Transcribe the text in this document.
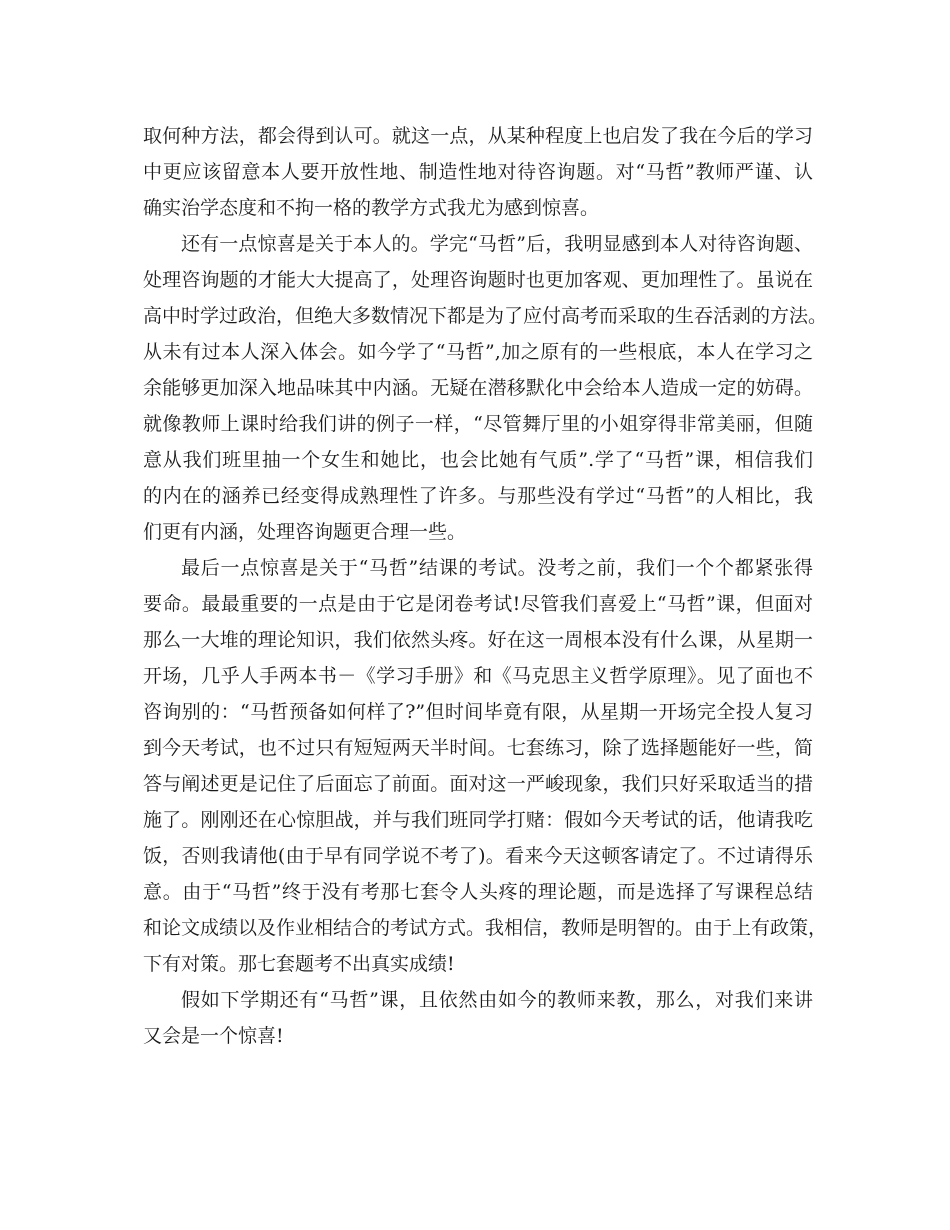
取何种方法，都会得到认可。就这一点，从某种程度上也启发了我在今后的学习
中更应该留意本人要开放性地、制造性地对待咨询题。对“马哲”教师严谨、认
确实治学态度和不拘一格的教学方式我尤为感到惊喜。
还有一点惊喜是关于本人的。学完“马哲”后，我明显感到本人对待咨询题、
处理咨询题的才能大大提高了，处理咨询题时也更加客观、更加理性了。虽说在
高中时学过政治，但绝大多数情况下都是为了应付高考而采取的生吞活剥的方法。
从未有过本人深入体会。如今学了“马哲”,加之原有的一些根底，本人在学习之
余能够更加深入地品味其中内涵。无疑在潜移默化中会给本人造成一定的妨碍。
就像教师上课时给我们讲的例子一样，“尽管舞厅里的小姐穿得非常美丽，但随
意从我们班里抽一个女生和她比，也会比她有气质”.学了“马哲”课，相信我们
的内在的涵养已经变得成熟理性了许多。与那些没有学过“马哲”的人相比，我
们更有内涵，处理咨询题更合理一些。
最后一点惊喜是关于“马哲”结课的考试。没考之前，我们一个个都紧张得
要命。最最重要的一点是由于它是闭卷考试!尽管我们喜爱上“马哲”课，但面对
那么一大堆的理论知识，我们依然头疼。好在这一周根本没有什么课，从星期一
开场，几乎人手两本书－《学习手册》和《马克思主义哲学原理》。见了面也不
咨询别的：“马哲预备如何样了?”但时间毕竟有限，从星期一开场完全投人复习
到今天考试，也不过只有短短两天半时间。七套练习，除了选择题能好一些，简
答与阐述更是记住了后面忘了前面。面对这一严峻现象，我们只好采取适当的措
施了。刚刚还在心惊胆战，并与我们班同学打赌：假如今天考试的话，他请我吃
饭，否则我请他(由于早有同学说不考了)。看来今天这顿客请定了。不过请得乐
意。由于“马哲”终于没有考那七套令人头疼的理论题，而是选择了写课程总结
和论文成绩以及作业相结合的考试方式。我相信，教师是明智的。由于上有政策，
下有对策。那七套题考不出真实成绩!
假如下学期还有“马哲”课，且依然由如今的教师来教，那么，对我们来讲
又会是一个惊喜!
